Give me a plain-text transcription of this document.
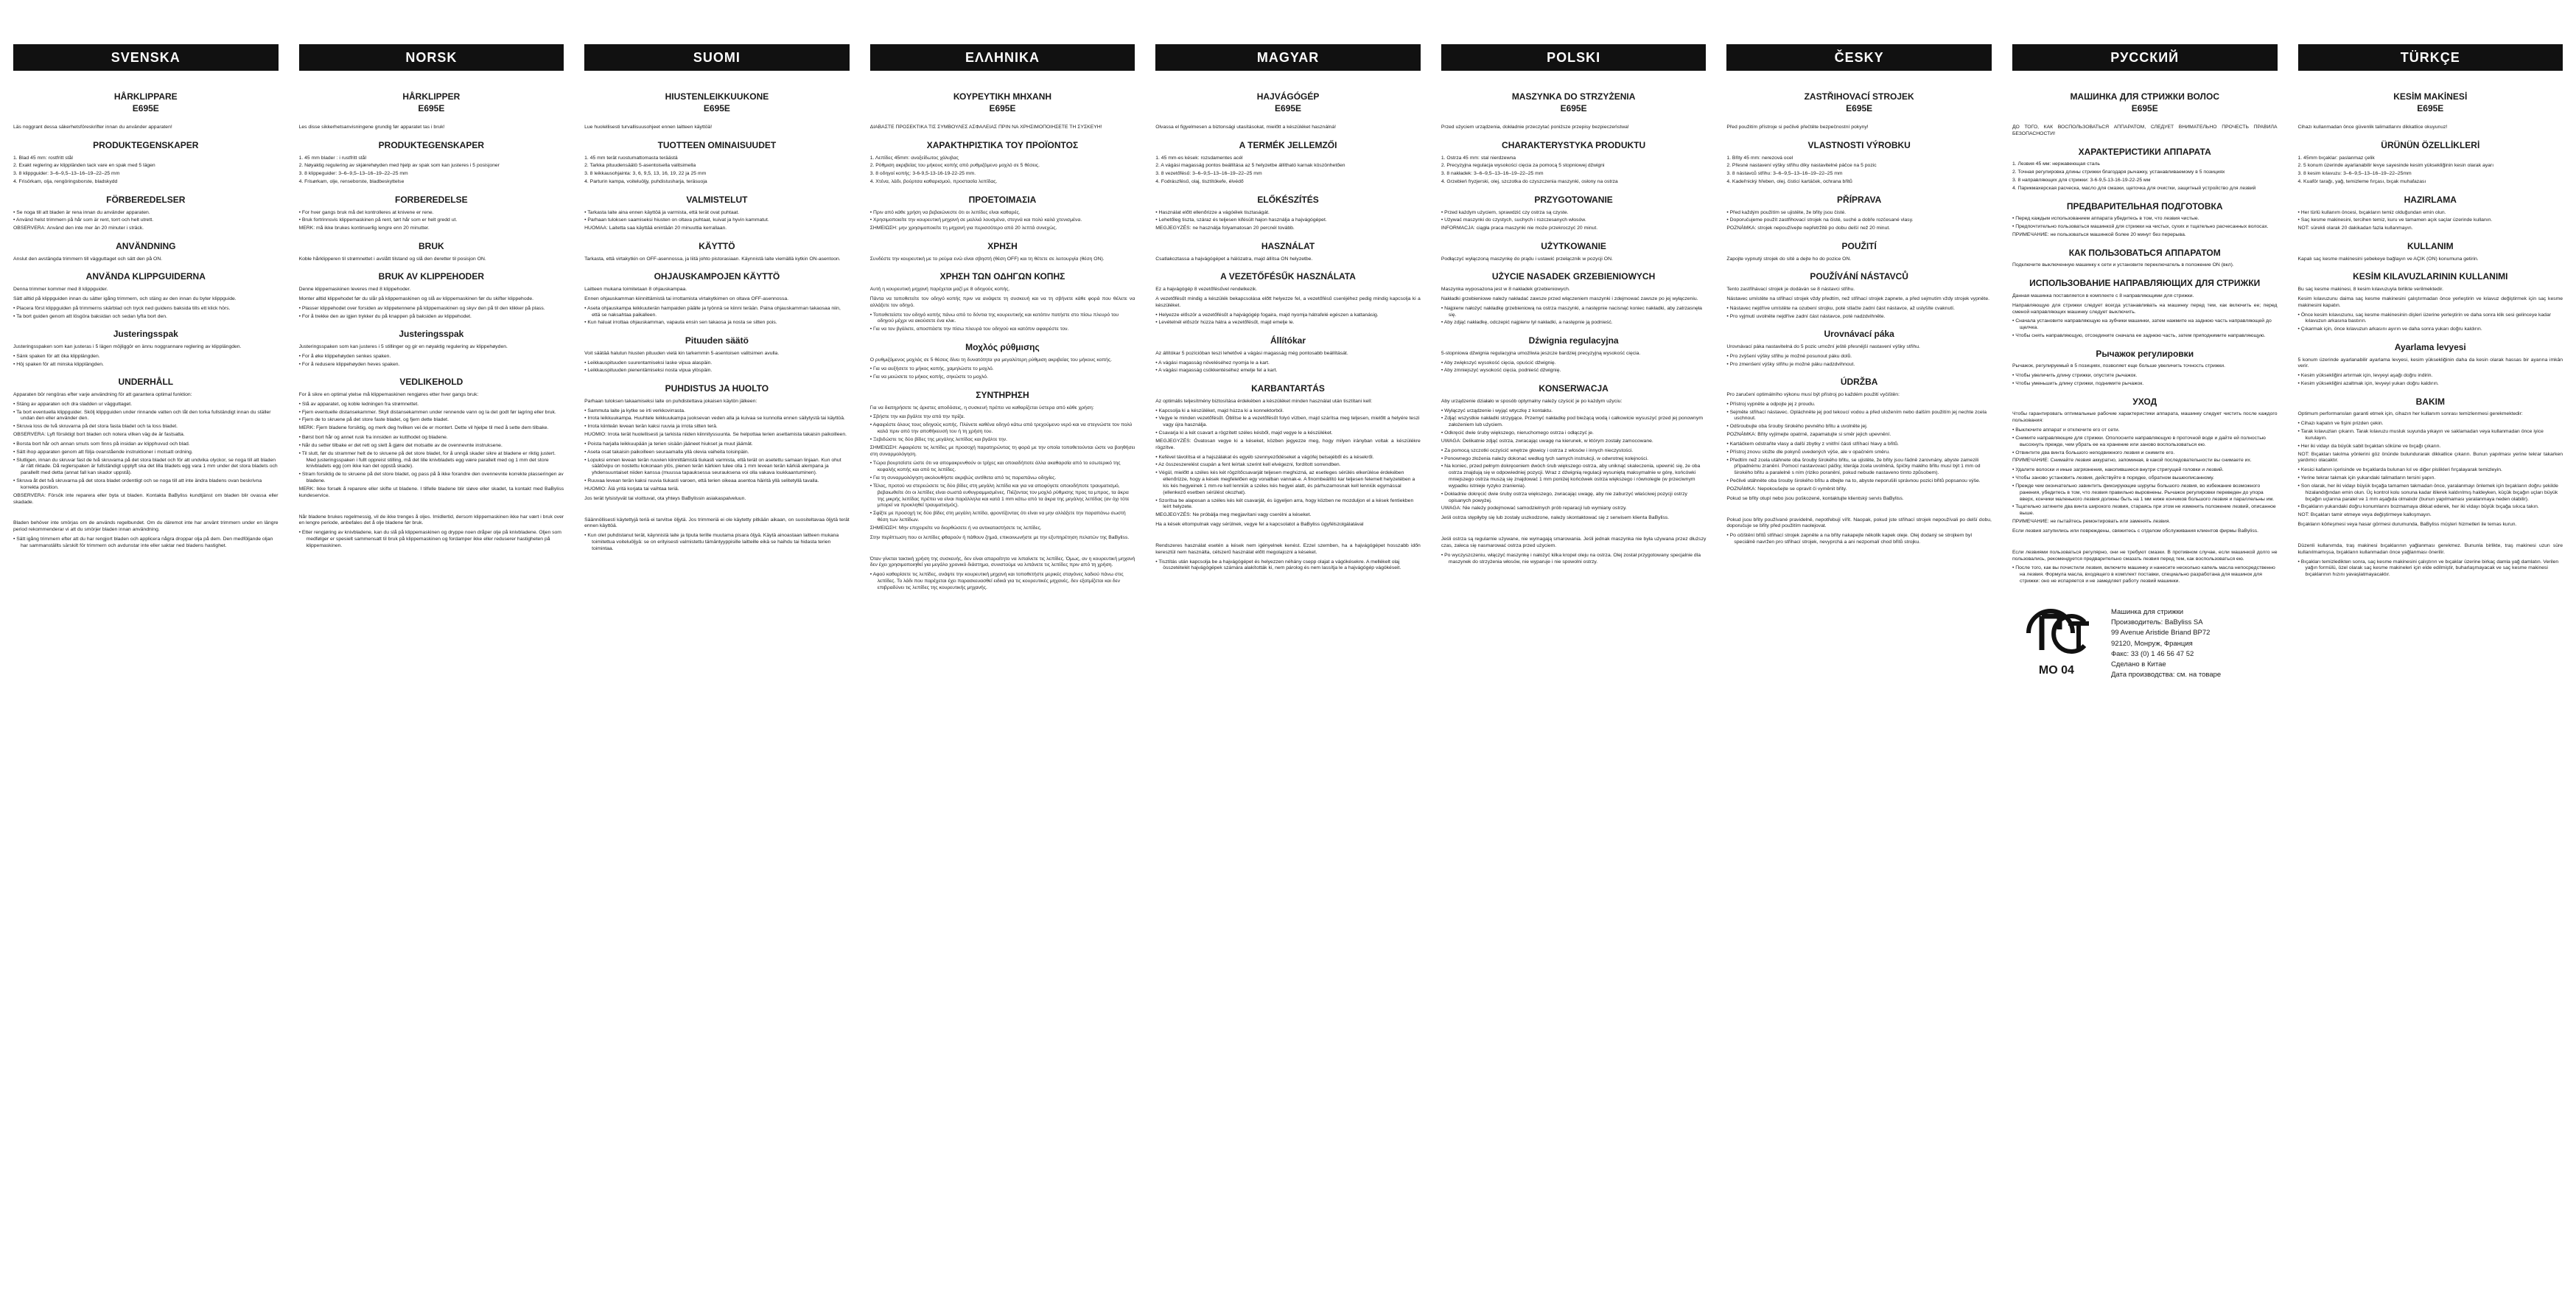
SVENSKA
HÅRKLIPPARE
E695E
Läs noggrant dessa säkerhetsföreskrifter innan du använder apparaten!
PRODUKTEGENSKAPER
1. Blad 45 mm: rostfritt stål
2. Exakt reglering av klippländen tack vare en spak med 5 lägen
3. 8 klippguider: 3–6–9,5–13–16–19–22–25 mm
4. Frisörkam, olja, rengöringsborste, bladskydd
FÖRBEREDELSER
• Se noga till att bladen är rena innan du använder apparaten.
• Använd helst trimmern på hår som är rent, torrt och helt utrett.
OBSERVERA: Använd den inte mer än 20 minuter i sträck.
ANVÄNDNING
Anslut den avstängda trimmern till vägguttaget och sätt den på ON.
ANVÄNDA KLIPPGUIDERNA
Denna trimmer kommer med 8 klippguider.
Sätt alltid på klippguiden innan du sätter igång trimmern, och stäng av den innan du byter klippguide.
• Placera först klippguiden på trimmerns skärblad och tryck ned guidens baksida tills ett klick hörs.
• Ta bort guiden genom att lösgöra baksidan och sedan lyfta bort den.
Justeringsspak
Justeringsspaken som kan justeras i 5 lägen möjliggör en ännu noggrannare reglering av klipplängden.
• Sänk spaken för att öka klipplängden.
• Höj spaken för att minska klipplängden.
UNDERHÅLL
Apparaten bör rengöras efter varje användning för att garantera optimal funktion:
• Stäng av apparaten och dra sladden ur vägguttaget.
• Ta bort eventuella klippguider. Skölj klippguiden under rinnande vatten och låt den torka fullständigt innan du ställer undan den eller använder den.
• Skruva loss de två skruvarna på det stora fasta bladet och ta loss bladet.
OBSERVERA: Lyft försiktigt bort bladen och notera vilken väg de är fastsatta.
• Borsta bort hår och annan smuts som finns på insidan av klipphuvud och blad.
• Sätt ihop apparaten genom att följa ovanstående instruktioner i motsatt ordning.
• Slutligen, innan du skruvar fast de två skruvarna på det stora bladet och för att undvika olyckor, se noga till att bladen är rätt riktade. Då reglerspaken är fullständigt upplyft ska det lilla bladets egg vara 1 mm under det stora bladets och parallellt med detta (annat fall kan skador uppstå).
• Skruva åt det två skruvarna på det stora bladet ordentligt och se noga till att inte ändra bladens ovan beskrivna korrekta position.
OBSERVERA: Försök inte reparera eller byta ut bladen. Kontakta BaByliss kundtjänst om bladen blir ovassa eller skadade.
Bladen behöver inte smörjas om de används regelbundet. Om du däremot inte har använt trimmern under en längre period rekommenderar vi att du smörjer bladen innan användning.
• Sätt igång trimmern efter att du har rengjort bladen och applicera några droppar olja på dem. Den medföljande oljan har sammanställts särskilt för trimmern och avdunstar inte eller saktar ned bladens hastighet.
NORSK
HÅRKLIPPER
E695E
Les disse sikkerhetsanvisningene grundig før apparatet tas i bruk!
PRODUKTEGENSKAPER
1. 45 mm blader : i rustfritt stål
2. Nøyaktig regulering av skjærehøyden med hjelp av spak som kan justeres i 5 posisjoner
3. 8 klippeguider: 3–6–9,5–13–16–19–22–25 mm
4. Frisørkam, olje, renseborste, bladbeskyttelse
FORBEREDELSE
• For hver gangs bruk må det kontrolleres at knivene er rene.
• Bruk fortrinnsvis klippemaskinen på rent, tørt hår som er helt gredd ut.
MERK: må ikke brukes kontinuerlig lengre enn 20 minutter.
BRUK
Koble hårklipperen til strømnettet i avslått tilstand og slå den deretter til posisjon ON.
BRUK AV KLIPPEHODER
Denne klippemaskinen leveres med 8 klippehoder.
Monter alltid klippehodet før du slår på klippemaskinen og slå av klippemaskinen før du skifter klippehode.
• Plasser klippehodet over forsiden av klippetennene på klippemaskinen og skyv den på til den klikker på plass.
• For å trekke den av igjen trykker du på knappen på baksiden av klippehodet.
Justeringsspak
Justeringsspaken som kan justeres i 5 stillinger og gir en nøyaktig regulering av klippehøyden.
• For å øke klippehøyden senkes spaken.
• For å redusere klippehøyden heves spaken.
VEDLIKEHOLD
For å sikre en optimal ytelse må klippemaskinen rengjøres etter hver gangs bruk:
• Slå av apparatet, og koble ledningen fra strømnettet.
• Fjern eventuelle distansekammer. Skyll distansekammen under rennende vann og la det godt før lagring eller bruk.
• Fjern de to skruene på det store faste bladet, og fjern dette bladet.
MERK: Fjern bladene forsiktig, og merk deg hvilken vei de er montert. Dette vil hjelpe til med å sette dem tilbake.
• Børst bort hår og annet rusk fra innsiden av kutthodet og bladene.
• Når du setter tilbake er det rett og slett å gjøre det motsatte av de ovennevnte instruksene.
• Til slutt, før du strammer helt de to skruene på det store bladet, for å unngå skader sikre at bladene er riktig justert. Med justeringsspaken i fullt oppreist stilling, må det lille knivbladets egg være parallelt med og 1 mm det store knivbladets egg (om ikke kan det oppstå skade).
• Stram forsiktig de to skruene på det store bladet, og pass på å ikke forandre den ovennevnte korrekte plasseringen av bladene.
MERK: Ikke forsøk å reparere eller skifte ut bladene. I tilfelle bladene blir sløve eller skadet, ta kontakt med BaByliss kundeservice.
Når bladene brukes regelmessig, vil de ikke trenges å oljes. Imidlertid, dersom klippemaskinen ikke har vært i bruk over en lengre periode, anbefales det å olje bladene før bruk.
• Etter rengjøring av knivbladene, kan du slå på klippemaskinen og dryppe noen dråper olje på knivbladene. Oljen som medfølger er spesielt sammensatt til bruk på klippemaskinen og fordamper ikke eller reduserer hastigheten på klippemaskinen.
SUOMI
HIUSTENLEIKKUUKONE
E695E
Lue huolellisesti turvallisuusohjeet ennen laitteen käyttöä!
TUOTTEEN OMINAISUUDET
1. 45 mm terät ruostumattomasta teräästä
2. Tarkka pituudensäätö 5-asentoisella valitsimella
3. 8 leikkausohjainta: 3, 6, 9,5, 13, 16, 19, 22 ja 25 mm
4. Parturin kampa, voiteluöljy, puhdistusharja, teräsuoja
VALMISTELUT
• Tarkasta laite aina ennen käyttöä ja varmista, että terät ovat puhtaat.
• Parhaan tuloksen saamiseksi hiusten on oltava puhtaat, kuivat ja hyvin kammatut.
HUOMAA: Laitetta saa käyttää enintään 20 minuuttia kerrallaan.
KÄYTTÖ
Tarkasta, että virtakytkin on OFF-asennossa, ja liitä johto pistorasiaan. Käynnistä laite viemällä kytkin ON-asentoon.
OHJAUSKAMPOJEN KÄYTTÖ
Laitteen mukana toimitetaan 8 ohjauskampaa.
Ennen ohjauskamman kiinnittämistä tai irrottamista virtakytkimen on oltava OFF-asennossa.
• Aseta ohjauskampa leikkuuterän hampaiden päälle ja työnnä se kiinni terään. Paina ohjauskamman takaosaa niin, että se naksahtaa paikalleen.
• Kun haluat irrottaa ohjauskamman, vapauta ensin sen takaosa ja nosta se sitten pois.
Pituuden säätö
Voit säätää halutun hiusten pituuden vielä kin tarkemmin 5-asentoisen valitsimen avulla.
• Leikkauspituuden suurentamiseksi laske vipua alaspäin.
• Leikkauspituuden pienentämiseksi nosta vipua ylöspäin.
PUHDISTUS JA HUOLTO
Parhaan tuloksen takaamiseksi laite on puhdistettava jokaisen käytön jälkeen:
• Sammuta laite ja kytke se irti verkkovirrasta.
• Irrota leikkuukampa. Huuhtele leikkuukampa juoksevan veden alla ja kuivaa se kunnolla ennen säilytystä tai käyttöä.
• Irrota kiinteän levean terän kaksi ruuvia ja irrota sitten terä.
HUOMIO: Irrota terät huolellisesti ja tarkista niiden kiinnityssuunta. Se helpottaa terien asettamista takaisin paikoilleen.
• Poista harjalla leikkuupään ja terien sisään jääneet hiukset ja muut jäämät.
• Aseta osat takaisin paikoilleen seuraamalla yllä olevia vaiheita toisinpäin.
• Lopuksi ennen levean terän ruuvien kiinnittämistä tiukasti varmista, että terät on asetettu samaan linjaan. Kun ohut säätövipu on nostettu kokonaan ylös, pienen terän kärkien tulee olla 1 mm levean terän kärkiä alempana ja yhdensuuntaiset niiden kanssa (muussa tapauksessa seurauksena voi olla vakava loukkaantuminen).
• Ruuvaa levean terän kaksi ruuvia tiukasti varoen, että terien oikeaa asentoa häiritä yllä selitetyllä tavalla.
HUOMIO: Älä yritä korjata tai vaihtaa teriä.
Jos terät tylsistyvät tai vioittuvat, ota yhteys BaBylissin asiakaspalveluun.
Säännöllisesti käytettyjä teriä ei tarvitse öljytä. Jos trimmeriä ei ole käytetty pitkään aikaan, on suositeltavaa öljytä terät ennen käyttöä.
• Kun olet puhdistanut terät, käynnistä laite ja tiputa terille muutama pisara öljyä. Käytä ainoastaan laitteen mukana toimitettua voiteluöljyä: se on erityisesti valmistettu tämäntyyppisille laitteille eikä se haihdu tai hidasta terien toimintaa.
ΕΛΛΗΝΙΚΑ
ΚΟΥΡΕΥΤΙΚΗ ΜΗΧΑΝΗ
E695E
ΔΙΑΒΑΣΤΕ ΠΡΟΣΕΚΤΙΚΑ ΤΙΣ ΣΥΜΒΟΥΛΕΣ ΑΣΦΑΛΕΙΑΣ ΠΡΙΝ ΝΑ ΧΡΗΣΙΜΟΠΟΙΗΣΕΤΕ ΤΗ ΣΥΣΚΕΥΗ!
ΧΑΡΑΚΤΗΡΙΣΤΙΚΑ ΤΟΥ ΠΡΟΪΟΝΤΟΣ
1. Λεπίδες 45mm: ανοξείδωτος χάλυβας
2. Ρύθμιση ακριβείας του μήκους κοπής από ρυθμιζόμενο μοχλό σε 5 θέσεις.
3. 8 οδηγοί κοπής: 3-6-9,5-13-16-19-22-25 mm.
4. Χτένα, λάδι, βούρτσα καθαρισμού, προστασία λεπίδας.
ΠΡΟΕΤΟΙΜΑΣΙΑ
• Πριν από κάθε χρήση να βεβαιώνεστε ότι οι λεπίδες είναι καθαρές.
• Χρησιμοποιείτε την κουρευτική μηχανή σε μαλλιά λουσμένα, στεγνά και πολύ καλά χτενισμένα.
ΣΗΜΕΙΩΣΗ: μην χρησιμοποιείτε τη μηχανή για περισσότερο από 20 λεπτά συνεχώς.
ΧΡΗΣΗ
Συνδέστε την κουρευτική με το ρεύμα ενώ είναι σβηστή (θέση OFF) και τη θέτετε σε λειτουργία (θέση ON).
ΧΡΗΣΗ ΤΩΝ ΟΔΗΓΩΝ ΚΟΠΗΣ
Αυτή η κουρευτική μηχανή παρέχεται μαζί με 8 οδηγούς κοπής.
Πάντα να τοποθετείτε τον οδηγό κοπής πριν να ανάψετε τη συσκευή και να τη σβήνετε κάθε φορά που θέλετε να αλλάξετε τον οδηγό.
• Τοποθετείστε τον οδηγό κοπής πάνω από το δόντια της κουρευτικής και κατόπιν πατήστε στο πίσω πλευρό του οδηγού μέχρι να ακούσετε ένα κλικ.
• Για να τον βγάλετε, αποσπάστε την πίσω πλευρά του οδηγού και κατόπιν αφαιρέστε τον.
Μοχλός ρύθμισης
Ο ρυθμιζόμενος μοχλός σε 5 θέσεις δίνει τη δυνατότητα για μεγαλύτερη ρύθμιση ακριβείας του μήκους κοπής.
• Για να αυξήσετε το μήκος κοπής, χαμηλώστε το μοχλό.
• Για να μειώσετε το μήκος κοπής, σηκώστε το μοχλό.
ΣΥΝΤΗΡΗΣΗ
Για να διατηρήσετε τις άριστες αποδόσεις, η συσκευή πρέπει να καθαρίζεται ύστερα από κάθε χρήση:
• Σβήστε την και βγάλτε την από την πρίζα.
• Αφαιρέστε όλους τους οδηγούς κοπής. Πλύνετε καθένα οδηγό κάτω από τρεχούμενο νερό και να στεγνώστε τον πολύ καλά πριν από την αποθήκευσή του ή τη χρήση του.
• Ξεβιδώστε τις δύο βίδες της μεγάλης λεπίδας και βγάλτε την.
ΣΗΜΕΙΩΣΗ: Αφαιρέστε τις λεπίδες με προσοχή παρατηρώντας τη φορά με την οποία τοποθετούνται ώστε να βοηθήσει στη συναρμολόγηση.
• Τώρα βουρτσίστε ώστε ότι να απομακρυνθούν οι τρίχες και οποιαδήποτε άλλα ακαθαρσία από το εσωτερικό της κεφαλής κοπής και από τις λεπίδες.
• Για τη συναρμολόγηση ακολουθήστε ακριβώς αντίθετα από τις παραπάνω οδηγίες.
• Τέλος, προτού να στερεώσετε τις δύο βίδες στη μεγάλη λεπίδα και για να αποφύγετε οποιοδήποτε τραυματισμό, βεβαιωθείτε ότι οι λεπίδες είναι σωστά ευθυγραμμισμένες. Πιέζοντας τον μοχλό ρύθμισης προς τα μπρος, τα άκρα της μικρής λεπίδας πρέπει να είναι παράλληλα και κατά 1 mm κάτω από τα άκρα της μεγάλης λεπίδας (αν όχι τότε μπορεί να προκληθεί τραυματισμός).
• Σφίξτε με προσοχή τις δύο βίδες στη μεγάλη λεπίδα, φροντίζοντας ότι είναι να μην αλλάξετε την παραπάνω σωστή θέση των λεπίδων.
ΣΗΜΕΙΩΣΗ: Μην επιχειρείτε να διορθώσετε ή να αντικαταστήσετε τις λεπίδες.
Στην περίπτωση που οι λεπίδες φθαρούν ή πάθουν ζημιά, επικοινωνήστε με την εξυπηρέτηση πελατών της BaByliss.
Όταν γίνεται τακτική χρήση της συσκευής, δεν είναι απαραίτητο να λιπαίνετε τις λεπίδες. Όμως, αν η κουρευτική μηχανή δεν έχει χρησιμοποιηθεί για μεγάλο χρονικό διάστημα, συνιστούμε να λιπάνετε τις λεπίδες πριν από τη χρήση.
• Αφού καθαρίσετε τις λεπίδες, ανάψτε την κουρευτική μηχανή και τοποθετήστε μερικές σταγόνες λαδιού πάνω στις λεπίδες. Το λάδι που παρέχεται έχει παρασκευασθεί ειδικά για τις κουρευτικές μηχανές, δεν εξατμίζεται και δεν επιβραδύνει τις λεπίδες της κουρευτικής μηχανής.
MAGYAR
HAJVÁGÓGÉP
E695E
Olvassa el figyelmesen a biztonsági utasításokat, mielőtt a készüléket használná!
A TERMÉK JELLEMZŐI
1. 45 mm-es kések: rozsdamentes acél
2. A vágási magasság pontos beállítása az 5 helyzetbe állítható karnak köszönhetően
3. 8 vezetőfésű: 3–6–9,5–13–16–19–22–25 mm
4. Fodrászfésű, olaj, tisztítókefe, élvédő
ELŐKÉSZÍTÉS
• Használat előtt ellenőrizze a vágóélek tisztaságát.
• Lehetőleg tiszta, száraz és teljesen kifésült hajon használja a hajvágógépet.
MEGJEGYZÉS: ne használja folyamatosan 20 percnél tovább.
HASZNÁLAT
Csatlakoztassa a hajvágógépet a hálózatra, majd állítsa ON helyzetbe.
A VEZETŐFÉSŰK HASZNÁLATA
Ez a hajvágógép 8 vezetőfésűvel rendelkezik.
A vezetőfésűt mindig a készülék bekapcsolása előtt helyezze fel, a vezetőfésű cseréjéhez pedig mindig kapcsolja ki a készüléket.
• Helyezze először a vezetőfésűt a hajvágógép fogaira, majd nyomja hátrafelé egészen a kattanásig.
• Levételnél először húzza hátra a vezetőfésűt, majd emelje le.
Állítókar
Az állítókar 5 pozícióban teszi lehetővé a vágási magasság még pontosabb beállítását.
• A vágási magasság növeléséhez nyomja le a kart.
• A vágási magasság csökkentéséhez emelje fel a kart.
KARBANTARTÁS
Az optimális teljesítmény biztosítása érdekében a készüléket minden használat után tisztítani kell:
• Kapcsolja ki a készüléket, majd húzza ki a konnektorból.
• Vegye le minden vezetőfésűt. Öblítse le a vezetőfésűt folyó vízben, majd szárítsa meg teljesen, mielőtt a helyére teszi vagy újra használja.
• Csavarja ki a két csavart a rögzített széles késből, majd vegye le a készüléket.
MEGJEGYZÉS: Óvatosan vegye ki a késeket, közben jegyezze meg, hogy milyen irányban voltak a készülékre rögzítve.
• Kefével távolítsa el a hajszálakat és egyéb szennyeződéseket a vágófej belsejéből és a késekről.
• Az összeszerelést csupán a fent leírtak szerint kell elvégezni, fordított sorrendben.
• Végül, mielőtt a széles kés két rögzítőcsavarját teljesen meghúzná, az esetleges sérülés elkerülése érdekében ellenőrizze, hogy a kések megfelelően egy vonalban vannak-e. A finombeállító kar teljesen felemelt helyzetében a kis kés hegyeinek 1 mm-re kell lenniük a széles kés hegyei alatt, és párhuzamosnak kell lenniük egymással (ellenkező esetben sérülést okozhat).
• Szorítsa be alaposan a széles kés két csavarját, és ügyeljen arra, hogy közben ne mozduljon el a kések fentiekben leírt helyzete.
MEGJEGYZÉS: Ne próbálja meg megjavítani vagy cserélni a késeket.
Ha a kések eltompulnak vagy sérülnek, vegye fel a kapcsolatot a BaByliss ügyfélszolgálatával
Rendszeres használat esetén a kések nem igényelnek kenést. Ezzel szemben, ha a hajvágógépet hosszabb időn keresztül nem használta, célszerű használat előtt megolajozni a késeket.
• Tisztítás után kapcsolja be a hajvágógépet és helyezzen néhány csepp olajat a vágókésekre. A mellékelt olaj összetételét hajvágógépek számára alakították ki, nem párolog és nem lassítja le a hajvágógép vágókéseit.
POLSKI
MASZYNKA DO STRZYŻENIA
E695E
Przed użyciem urządzenia, dokładnie przeczytać poniższe przepisy bezpieczeństwa!
CHARAKTERYSTYKA PRODUKTU
1. Ostrza 45 mm: stal nierdzewna
2. Precyzyjna regulacja wysokości cięcia za pomocą 5 stopniowej dźwigni
3. 8 nakładek: 3–6–9,5–13–16–19–22–25 mm
4. Grzebień fryzjerski, olej, szczotka do czyszczenia maszynki, osłony na ostrza
PRZYGOTOWANIE
• Przed każdym użyciem, sprawdzić czy ostrza są czyste.
• Używać maszynki do czystych, suchych i rozczesanych włosów.
INFORMACJA: ciągła praca maszynki nie może przekroczyć 20 minut.
UŻYTKOWANIE
Podłączyć wyłączoną maszynkę do prądu i ustawić przełącznik w pozycji ON.
UŻYCIE NASADEK GRZEBIENIOWYCH
Maszynka wyposażona jest w 8 nakładek grzebieniowych.
Nakładki grzebieniowe należy nakładać zawsze przed włączeniem maszynki i zdejmować zawsze po jej wyłączeniu.
• Najpierw nałożyć nakładkę grzebieniową na ostrza maszynki, a następnie nacisnąć koniec nakładki, aby zatrzasnęła się.
• Aby zdjąć nakładkę, odczepić najpierw tył nakładki, a następnie ją podnieść.
Dźwignia regulacyjna
5-stopniowa dźwignia regulacyjna umożliwia jeszcze bardziej precyzyjną wysokość cięcia.
• Aby zwiększyć wysokość cięcia, opuścić dźwignię.
• Aby zmniejszyć wysokość cięcia, podnieść dźwignię.
KONSERWACJA
Aby urządzenie działało w sposób optymalny należy czyścić je po każdym użyciu:
• Wyłączyć urządzenie i wyjąć wtyczkę z kontaktu.
• Zdjąć wszystkie nakładki strzygące. Przemyć nakładkę pod bieżącą wodą i całkowicie wysuszyć przed jej ponownym założeniem lub użyciem.
• Odkręcić dwie śruby większego, nieruchomego ostrza i odłączyć je.
UWAGA: Delikatnie zdjąć ostrza, zwracając uwagę na kierunek, w którym zostały zamocowane.
• Za pomocą szczotki oczyścić wnętrze głowicy i ostrza z włosów i innych nieczystości.
• Ponownego złożenia należy dokonać według tych samych instrukcji, w odwrotnej kolejności.
• Na koniec, przed pełnym dokręceniem dwóch śrub większego ostrza, aby uniknąć skaleczenia, upewnić się, że oba ostrza znajdują się w odpowiedniej pozycji. Wraz z dźwignią regulacji wysuniętą maksymalnie w górę, końcówki mniejszego ostrza muszą się znajdować 1 mm poniżej końcówek ostrza większego i równolegle (w przeciwnym wypadku istnieje ryzyko zranienia).
• Dokładnie dokręcić dwie śruby ostrza większego, zwracając uwagę, aby nie zaburzyć właściwej pozycji ostrzy opisanych powyżej.
UWAGA: Nie należy podejmować samodzielnych prób reparacji lub wymiany ostrzy.
Jeśli ostrza stępiłyby się lub zostały uszkodzone, należy skontaktować się z serwisem klienta BaByliss.
Jeśli ostrza są regularnie używane, nie wymagają smarowania. Jeśli jednak maszynka nie była używana przez dłuższy czas, zaleca się nasmarować ostrza przed użyciem.
• Po wyczyszczeniu, włączyć maszynkę i nałożyć kilka kropel oleju na ostrza. Olej został przygotowany specjalnie dla maszynek do strzyżenia włosów, nie wyparuje i nie spowolni ostrzy.
ČESKY
ZASTŘIHOVACÍ STROJEK
E695E
Před použitím přístroje si pečlivě přečtěte bezpečnostní pokyny!
VLASTNOSTI VÝROBKU
1. Břity 45 mm: nerezová ocel
2. Přesné nastavení výšky střihu díky nastavitelné páčce na 5 pozic
3. 8 nástavců střihu: 3–6–9,5–13–16–19–22–25 mm
4. Kadeřnický hřeben, olej, čisticí kartáček, ochrana břitů
PŘÍPRAVA
• Před každým použitím se ujistěte, že břity jsou čisté.
• Doporučujeme použít zastřihovací strojek na čisté, suché a dobře rozčesané vlasy.
POZNÁMKA: strojek nepoužívejte nepřetržitě po dobu delší než 20 minut.
POUŽITÍ
Zapojte vypnutý strojek do sítě a dejte ho do pozice ON.
POUŽÍVÁNÍ NÁSTAVCŮ
Tento zastřihávací strojek je dodáván se 8 nástavci střihu.
Nástavec umístěte na střihací strojek vždy předtím, než střihací strojek zapnete, a před sejmutím vždy strojek vypněte.
• Nástavec nejdříve umístěte na ozubení strojku, poté stlačte zadní část nástavce, až uslyšíte cvaknutí.
• Pro vyjmutí uvolněte nejdříve zadní část nástavce, poté nadzdvihněte.
Urovnávací páka
Urovnávací páka nastavitelná do 5 pozic umožní ještě přesnější nastavení výšky střihu.
• Pro zvýšení výšky střihu je možné posunout páku dolů.
• Pro zmenšení výšky střihu je možné páku nadzdvihnout.
ÚDRŽBA
Pro zaručení optimálního výkonu musí být přístroj po každém použití vyčištěn:
• Přístroj vypněte a odpojte jej z proudu.
• Sejměte střihací nástavec. Opláchněte jej pod tekoucí vodou a před uložením nebo dalším použitím jej nechte zcela uschnout.
• Odšroubujte oba šrouby širokého pevného břitu a uvolněte jej.
POZNÁMKA: Břity vyjímejte opatrně, zapamatujte si směr jejich upevnění.
• Kartáčkem odstraňte vlasy a další zbytky z vnitřní části stříhací hlavy a břitů.
• Přístroj znovu složte dle pokynů uvedených výše, ale v opačném směru.
• Předtím než zcela utáhnete oba šrouby širokého břitu, se ujistěte, že břity jsou řádně zarovnány, abyste zamezili případnému zranění. Pomocí nastavovací páčky, kterája zcela uvolněná, špičky malého břitu musí být 1 mm od širokého břitu a paralelně s ním (riziko poranění, pokud nebude nastaveno tímto způsobem).
• Pečlivě utáhněte oba šrouby širokého břitu a dbejte na to, abyste neporušili správnou pozici břitů popsanou výše.
POZNÁMKA: Nepokoušejte se opravit či vyměnit břity.
Pokud se břity otupí nebo jsou poškozené, kontaktujte klientský servis BaByliss.
Pokud jsou břity používané pravidelně, nepotřebují vířit. Naopak, pokud jste střihací strojek nepoužívali po delší dobu, doporučuje se břity před použitím naolejovat.
• Po očištění břitů střihací strojek zapněte a na břity nakapejte několik kapek oleje. Olej dodaný se strojkem byl speciálně navržen pro střihací strojek, nevyprchá a ani nezpomalí chod břitů strojku.
РУССКИЙ
МАШИНКА ДЛЯ СТРИЖКИ ВОЛОС
E695E
ДО ТОГО, КАК ВОСПОЛЬЗОВАТЬСЯ АППАРАТОМ, СЛЕДУЕТ ВНИМАТЕЛЬНО ПРОЧЕСТЬ ПРАВИЛА БЕЗОПАСНОСТИ!
ХАРАКТЕРИСТИКИ АППАРАТА
1. Лезвия 45 мм: нержавеющая сталь
2. Точная регулировка длины стрижки благодаря рычажку, устанавливаемому в 5 позициях
3. 8 направляющих для стрижки: 3-6-9,5-13-16-19-22-25 мм
4. Парикмахерская расческа, масло для смазки, щеточка для очистки, защитный устройство для лезвий
ПРЕДВАРИТЕЛЬНАЯ ПОДГОТОВКА
• Перед каждым использованием аппарата убедитесь в том, что лезвия чистые.
• Предпочтительно пользоваться машинкой для стрижки на чистых, сухих и тщательно расчесанных волосах.
ПРИМЕЧАНИЕ: не пользоваться машинкой более 20 минут без перерыва.
КАК ПОЛЬЗОВАТЬСЯ АППАРАТОМ
Подключите выключенную машинку к сети и установите переключатель в положение ON (вкл).
ИСПОЛЬЗОВАНИЕ НАПРАВЛЯЮЩИХ ДЛЯ СТРИЖКИ
Данная машинка поставляется в комплекте с 8 направляющими для стрижки.
Направляющую для стрижки следует всегда устанавливать на машинку перед тем, как включить ее; перед сменой направляющих машинку следует выключить.
• Сначала установите направляющую на зубчики машинки, затем нажмите на заднюю часть направляющей до щелчка.
• Чтобы снять направляющую, отсоедините сначала ее заднюю часть, затем приподнимите направляющую.
Рычажок регулировки
Рычажок, регулируемый в 5 позициях, позволяет еще больше увеличить точность стрижки.
• Чтобы увеличить длину стрижки, опустите рычажок.
• Чтобы уменьшить длину стрижки, поднимите рычажок.
УХОД
Чтобы гарантировать оптимальные рабочие характеристики аппарата, машинку следует чистить после каждого пользования:
• Выключите аппарат и отключите его от сети.
• Снимите направляющие для стрижки. Ополосните направляющую в проточной воде и дайте ей полностью высохнуть прежде, чем убрать ее на хранение или заново воспользоваться ею.
• Отвинтите два винта большого неподвижного лезвия и снимите его.
ПРИМЕЧАНИЕ: Снимайте лезвия аккуратно, запоминая, в какой последовательности вы снимаете их.
• Удалите волоски и иные загрязнения, накопившиеся внутри стригущей головки и лезвий.
• Чтобы заново установить лезвия, действуйте в порядке, обратном вышеописанному.
• Прежде чем окончательно завинтить фиксирующие шурупы большого лезвия, во избежание возможного ранения, убедитесь в том, что лезвия правильно выровнены. Рычажок регулировки переведен до упора вверх, кончики маленького лезвия должны быть на 1 мм ниже кончиков большого лезвия и параллельны им.
• Тщательно затяните два винта широкого лезвия, стараясь при этом не изменить положение лезвий, описанное выше.
ПРИМЕЧАНИЕ: не пытайтесь ремонтировать или заменять лезвия.
Если лезвия затупились или повреждены, свяжитесь с отделом обслуживания клиентов фирмы BaByliss.
Если лезвиями пользоваться регулярно, они не требуют смазки. В противном случае, если машинкой долго не пользовались, рекомендуется предварительно смазать лезвия перед тем, как воспользоваться ею.
• После того, как вы почистили лезвия, включите машинку и нанесите несколько капель масла непосредственно на лезвия. Формула масла, входящего в комплект поставки, специально разработана для машинок для стрижки: оно не испаряется и не замедляет работу лезвий машинки.
MO 04
Машинка для стрижки
Производитель: BaByliss SA
99 Avenue Aristide Briand BP72
92120, Монруж, Франция
Факс: 33 (0) 1 46 56 47 52
Сделано в Китае
Дата производства: см. на товаре
TÜRKÇE
KESİM MAKİNESİ
E695E
Cihazı kullanmadan önce güvenlik talimatlarını dikkatlice okuyunuz!
ÜRÜNÜN ÖZELLİKLERİ
1. 45mm bıçaklar: paslanmaz çelik
2. 5 konum üzerinde ayarlanabilir levye sayesinde kesim yüksekliğinin kesin olarak ayarı
3. 8 kesim kılavuzu: 3–6–9,5–13–16–19–22–25mm
4. Kuaför tarağı, yağ, temizleme fırçası, bıçak muhafazası
HAZIRLAMA
• Her türlü kullanım öncesi, bıçakların temiz olduğundan emin olun.
• Saç kesme makinesini, tercihen temiz, kuru ve tamamen açık saçlar üzerinde kullanın.
NOT: sürekli olarak 20 dakikadan fazla kullanmayın.
KULLANIM
Kapalı saç kesme makinesini şebekeye bağlayın ve AÇIK (ON) konumuna getirin.
KESİM KILAVUZLARININ KULLANIMI
Bu saç kesme makinesi, 8 kesim kılavuzuyla birlikte verilmektedir.
Kesim kılavuzunu daima saç kesme makinesini çalıştırmadan önce yerleştirin ve kılavuz değiştirmek için saç kesme makinesini kapatın.
• Önce kesim kılavuzunu, saç kesme makinesinin dişleri üzerine yerleştirin ve daha sonra klik sesi gelinceye kadar kılavuzun arkasına bastırın.
• Çıkarmak için, önce kılavuzun arkasını ayırın ve daha sonra yukarı doğru kaldırın.
Ayarlama levyesi
5 konum üzerinde ayarlanabilir ayarlama levyesi, kesim yüksekliğinin daha da kesin olarak hassas bir ayarına imkân verir.
• Kesim yüksekliğini artırmak için, levyeyi aşağı doğru indirin.
• Kesim yüksekliğini azaltmak için, levyeyi yukarı doğru kaldırın.
BAKIM
Optimum performansları garanti etmek için, cihazın her kullanım sonrası temizlenmesi gerekmektedir:
• Cihazı kapatın ve fişini prizden çekin.
• Tarak kılavuzları çıkarın. Tarak kılavuzu musluk suyunda yıkayın ve saklamadan veya kullanmadan önce iyice kurulayın.
• Her iki vidayı da büyük sabit bıçaktan söküne ve bıçağı çıkarın.
NOT: Bıçakları takılma yönlerini göz önünde bulundurarak dikkatlice çıkarın. Bunun yapılması yerine tekrar takarken yardımcı olacaktır.
• Kesici kafanın içerisinde ve bıçaklarda bulunan kıl ve diğer pislikleri fırçalayarak temizleyin.
• Yerine tekrar takmak için yukarıdaki talimatların tersini yapın.
• Son olarak, her iki vidayı büyük bıçağa tamamen takmadan önce, yaralanmayı önlemek için bıçakların doğru şekilde hizalandığından emin olun. Üç kontrol kolu sonuna kadar itilerek kaldırılmış haldeyken, küçük bıçağın uçları büyük bıçağın uçlarına paralel ve 1 mm aşağıda olmalıdır (bunun yapılmaması yaralanmaya neden olabilir).
• Bıçakların yukarıdaki doğru konumlarını bozmamaya dikkat ederek, her iki vidayı büyük bıçağa sıkıca takın.
NOT: Bıçakları tamir etmeye veya değiştirmeye kalkışmayın.
Bıçakların körleşmesi veya hasar görmesi durumunda, BaByliss müşteri hizmetleri ile temas kurun.
Düzenli kullanımda, traş makinesi bıçaklarının yağlanması gerekmez. Bununla birlikte, traş makinesi uzun süre kullanılmamışsa, bıçakların kullanmadan önce yağlanması önerilir.
• Bıçakları temizledikten sonra, saç kesme makinesini çalıştırın ve bıçaklar üzerine birkaç damla yağ damlatın. Verilen yağın formülü, özel olarak saç kesme makineleri için elde edilmiştir, buharlaşmayacak ve saç kesme makinesi bıçaklarının hızını yavaşlatmayacaktır.
